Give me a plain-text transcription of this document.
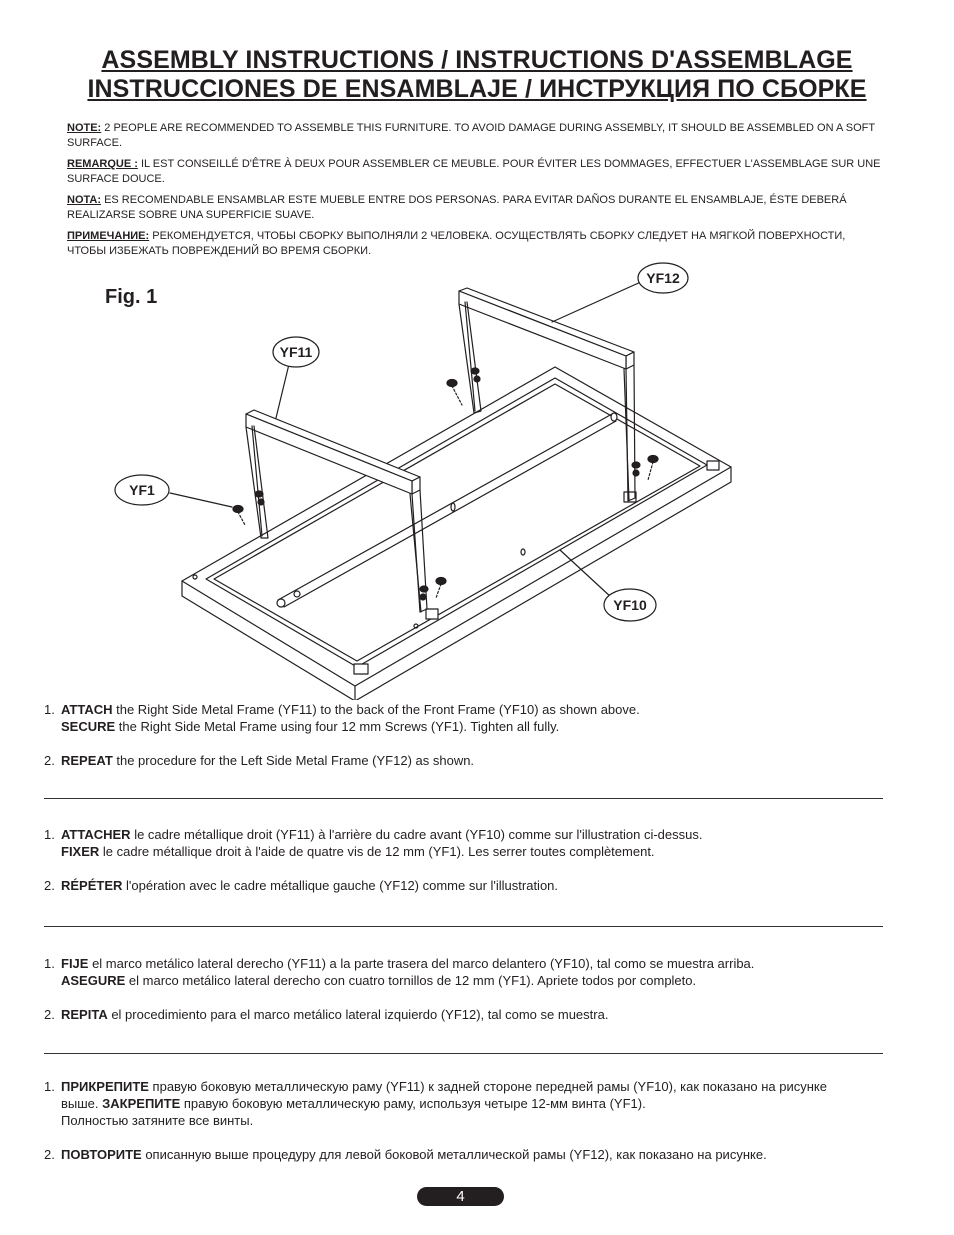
ASSEMBLY INSTRUCTIONS / INSTRUCTIONS D'ASSEMBLAGE
INSTRUCCIONES DE ENSAMBLAJE / ИНСТРУКЦИЯ ПО СБОРКЕ
NOTE: 2 PEOPLE ARE RECOMMENDED TO ASSEMBLE THIS FURNITURE. TO AVOID DAMAGE DURING ASSEMBLY, IT SHOULD BE ASSEMBLED ON A SOFT SURFACE.
REMARQUE : IL EST CONSEILLÉ D'ÊTRE À DEUX POUR ASSEMBLER CE MEUBLE. POUR ÉVITER LES DOMMAGES, EFFECTUER L'ASSEMBLAGE SUR UNE SURFACE DOUCE.
NOTA: ES RECOMENDABLE ENSAMBLAR ESTE MUEBLE ENTRE DOS PERSONAS. PARA EVITAR DAÑOS DURANTE EL ENSAMBLAJE, ÉSTE DEBERÁ REALIZARSE SOBRE UNA SUPERFICIE SUAVE.
ПРИМЕЧАНИЕ: РЕКОМЕНДУЕТСЯ, ЧТОБЫ СБОРКУ ВЫПОЛНЯЛИ 2 ЧЕЛОВЕКА. ОСУЩЕСТВЛЯТЬ СБОРКУ СЛЕДУЕТ НА МЯГКОЙ ПОВЕРХНОСТИ, ЧТОБЫ ИЗБЕЖАТЬ ПОВРЕЖДЕНИЙ ВО ВРЕМЯ СБОРКИ.
Fig. 1
YF11
YF1
YF12
YF10
1. ATTACH the Right Side Metal Frame (YF11) to the back of the Front Frame (YF10) as shown above.
SECURE the Right Side Metal Frame using four 12 mm Screws (YF1). Tighten all fully.
2. REPEAT the procedure for the Left Side Metal Frame (YF12) as shown.
1. ATTACHER le cadre métallique droit (YF11) à l'arrière du cadre avant (YF10) comme sur l'illustration ci-dessus.
FIXER le cadre métallique droit à l'aide de quatre vis de 12 mm (YF1). Les serrer toutes complètement.
2. RÉPÉTER l'opération avec le cadre métallique gauche (YF12) comme sur l'illustration.
1. FIJE el marco metálico lateral derecho (YF11) a la parte trasera del marco delantero (YF10), tal como se muestra arriba.
ASEGURE el marco metálico lateral derecho con cuatro tornillos de 12 mm (YF1). Apriete todos por completo.
2. REPITA el procedimiento para el marco metálico lateral izquierdo (YF12), tal como se muestra.
1. ПРИКРЕПИТЕ правую боковую металлическую раму (YF11) к задней стороне передней рамы (YF10), как показано на рисунке выше. ЗАКРЕПИТЕ правую боковую металлическую раму, используя четыре 12-мм винта (YF1).
Полностью затяните все винты.
2. ПОВТОРИТЕ описанную выше процедуру для левой боковой металлической рамы (YF12), как показано на рисунке.
4
